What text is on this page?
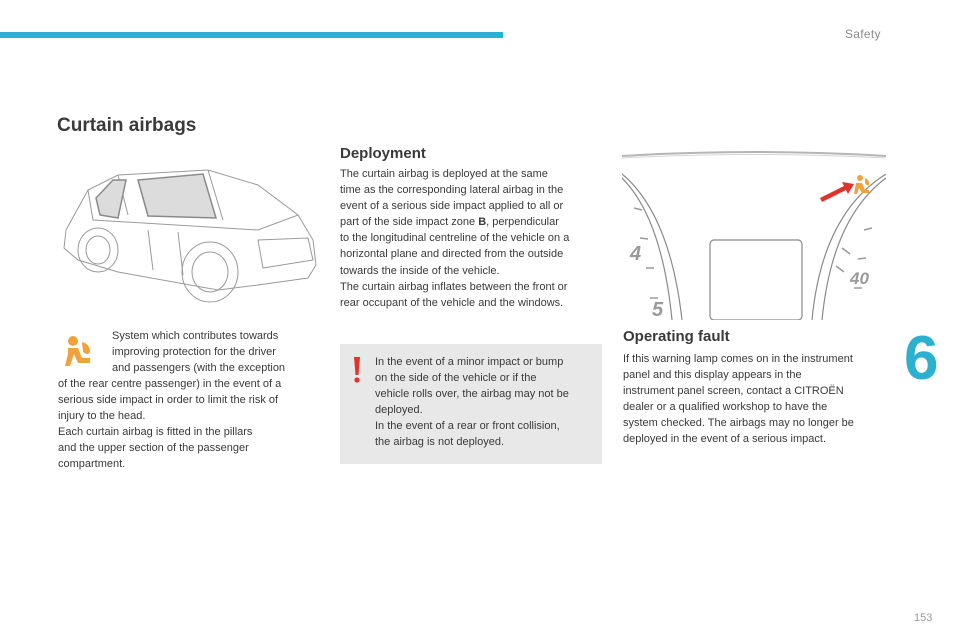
Safety
6
153
Curtain airbags
System which contributes towards
improving protection for the driver
and passengers (with the exception
of the rear centre passenger) in the event of a
serious side impact in order to limit the risk of
injury to the head.
Each curtain airbag is fitted in the pillars
and the upper section of the passenger
compartment.
Deployment
The curtain airbag is deployed at the same
time as the corresponding lateral airbag in the
event of a serious side impact applied to all or
part of the side impact zone B, perpendicular
to the longitudinal centreline of the vehicle on a
horizontal plane and directed from the outside
towards the inside of the vehicle.
The curtain airbag inflates between the front or
rear occupant of the vehicle and the windows.
In the event of a minor impact or bump
on the side of the vehicle or if the
vehicle rolls over, the airbag may not be
deployed.
In the event of a rear or front collision,
the airbag is not deployed.
4
5
40
Operating fault
If this warning lamp comes on in the instrument
panel and this display appears in the
instrument panel screen, contact a CITROËN
dealer or a qualified workshop to have the
system checked. The airbags may no longer be
deployed in the event of a serious impact.
